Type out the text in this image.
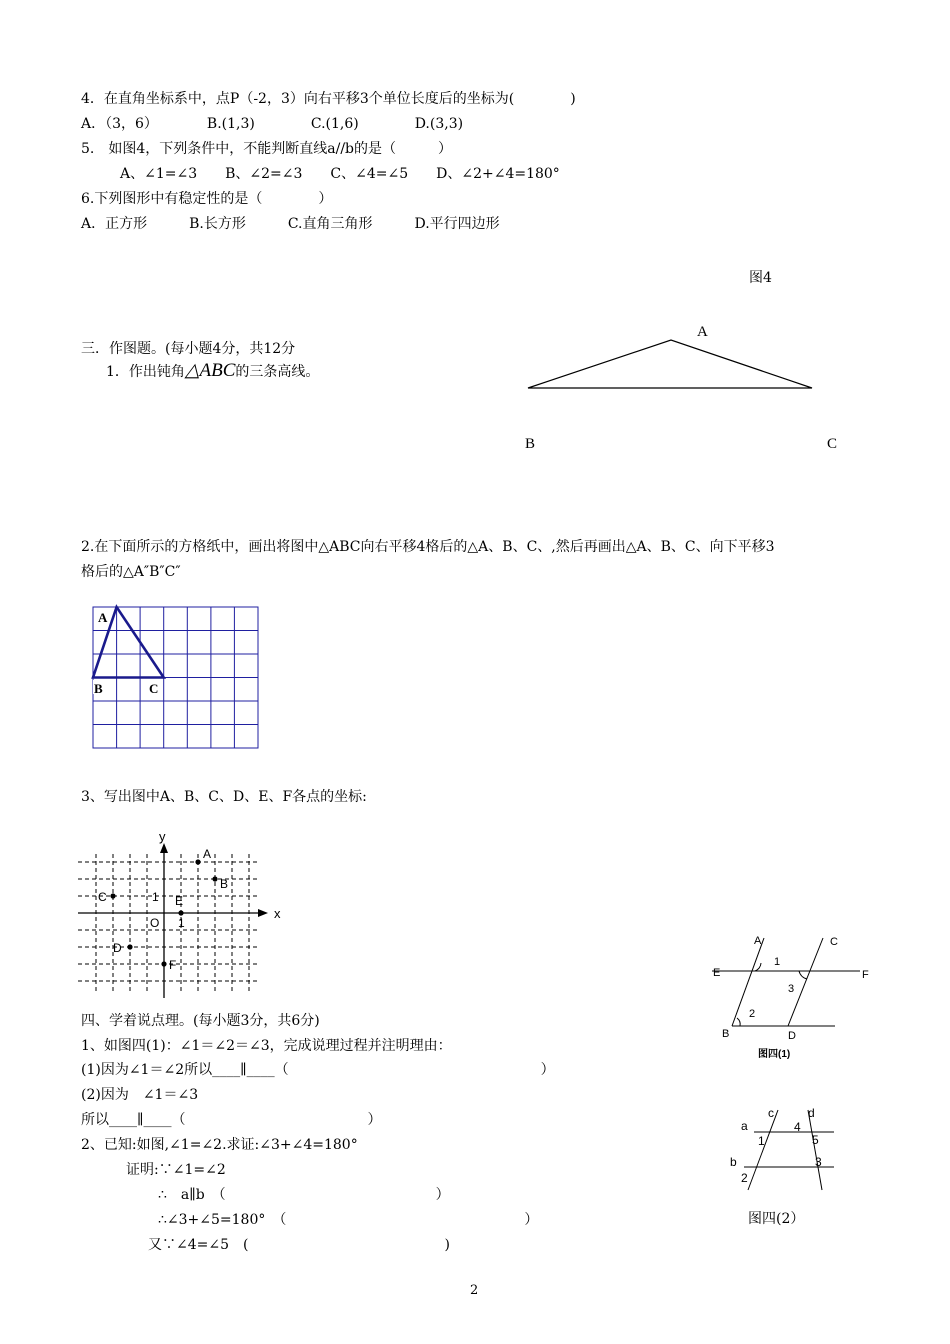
4．在直角坐标系中，点P（-2，3）向右平移3个单位长度后的坐标为(　　　　)
A．（3，6）　　　　B.(1,3)　　　　C.(1,6)　　　　D.(3,3)
5.　如图4，下列条件中，不能判断直线a//b的是（　　　）
A、∠1=∠3　　B、∠2=∠3　　C、∠4=∠5　　D、∠2+∠4=180°
6.下列图形中有稳定性的是（　　　　）
A．正方形　　　B.长方形　　　C.直角三角形　　　D.平行四边形
图4
三．作图题。(每小题4分，共12分
1．作出钝角△ABC的三条高线。
A
B	C
2.在下面所示的方格纸中，画出将图中△ABC向右平移4格后的△A、B、C、,然后再画出△A、B、C、向下平移3
格后的△A″B″C″
A
B	C
3、写出图中A、B、C、D、E、F各点的坐标:
y
x
O
1
1
A
B
C
D
E
F
四、学着说点理。(每小题3分，共6分)
1、如图四(1)：∠1＝∠2＝∠3，完成说理过程并注明理由：
(1)因为∠1＝∠2所以____∥____（　　　　　　　　　　　　　　　　　　）
(2)因为　∠1＝∠3
所以____∥____（　　　　　　　　　　　　　）
2、已知:如图,∠1=∠2.求证:∠3+∠4=180°
证明:∵∠1=∠2
∴　a∥b　（　　　　　　　　　　　　　　　）
∴∠3+∠5=180°　（　　　　　　　　　　　　　　　　　）
又∵∠4=∠5　(　　　　　　　　　　　　　　)
A	C
E	F
B	D
1
2
3
图四(1)
a
b
c	d
1
2
3
4
5
图四(2）
2
